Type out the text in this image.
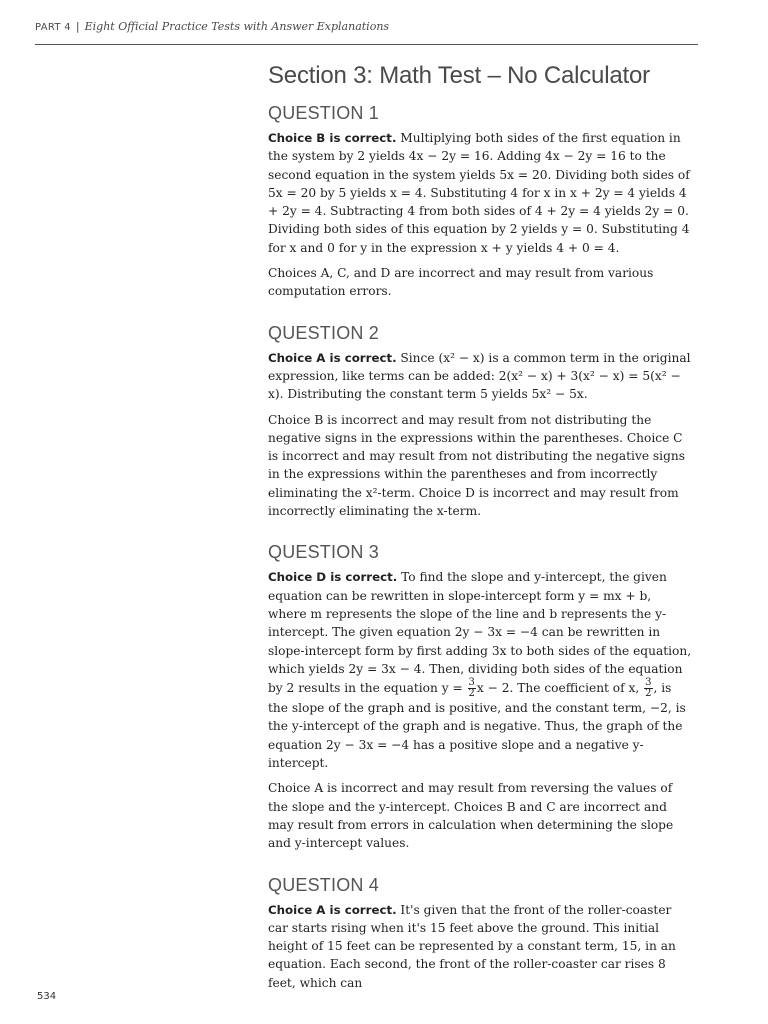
PART 4 | Eight Official Practice Tests with Answer Explanations
Section 3: Math Test – No Calculator
QUESTION 1

Choice B is correct. Multiplying both sides of the first equation in the system by 2 yields 4x − 2y = 16. Adding 4x − 2y = 16 to the second equation in the system yields 5x = 20. Dividing both sides of 5x = 20 by 5 yields x = 4. Substituting 4 for x in x + 2y = 4 yields 4 + 2y = 4. Subtracting 4 from both sides of 4 + 2y = 4 yields 2y = 0. Dividing both sides of this equation by 2 yields y = 0. Substituting 4 for x and 0 for y in the expression x + y yields 4 + 0 = 4.

Choices A, C, and D are incorrect and may result from various computation errors.

QUESTION 2

Choice A is correct. Since (x² − x) is a common term in the original expression, like terms can be added: 2(x² − x) + 3(x² − x) = 5(x² − x). Distributing the constant term 5 yields 5x² − 5x.

Choice B is incorrect and may result from not distributing the negative signs in the expressions within the parentheses. Choice C is incorrect and may result from not distributing the negative signs in the expressions within the parentheses and from incorrectly eliminating the x²-term. Choice D is incorrect and may result from incorrectly eliminating the x-term.

QUESTION 3

Choice D is correct. To find the slope and y-intercept, the given equation can be rewritten in slope-intercept form y = mx + b, where m represents the slope of the line and b represents the y-intercept. The given equation 2y − 3x = −4 can be rewritten in slope-intercept form by first adding 3x to both sides of the equation, which yields 2y = 3x − 4. Then, dividing both sides of the equation by 2 results in the equation $y = \frac{3}{2}$ x − 2. The coefficient of x, $\frac{3}{2}$ , is the slope of the graph and is positive, and the constant term, −2, is the y-intercept of the graph and is negative. Thus, the graph of the equation 2y − 3x = −4 has a positive slope and a negative y-intercept.

Choice A is incorrect and may result from reversing the values of the slope and the y-intercept. Choices B and C are incorrect and may result from errors in calculation when determining the slope and y-intercept values.

QUESTION 4

Choice A is correct. It's given that the front of the roller-coaster car starts rising when it's 15 feet above the ground. This initial height of 15 feet can be represented by a constant term, 15, in an equation. Each second, the front of the roller-coaster car rises 8 feet, which can

534
